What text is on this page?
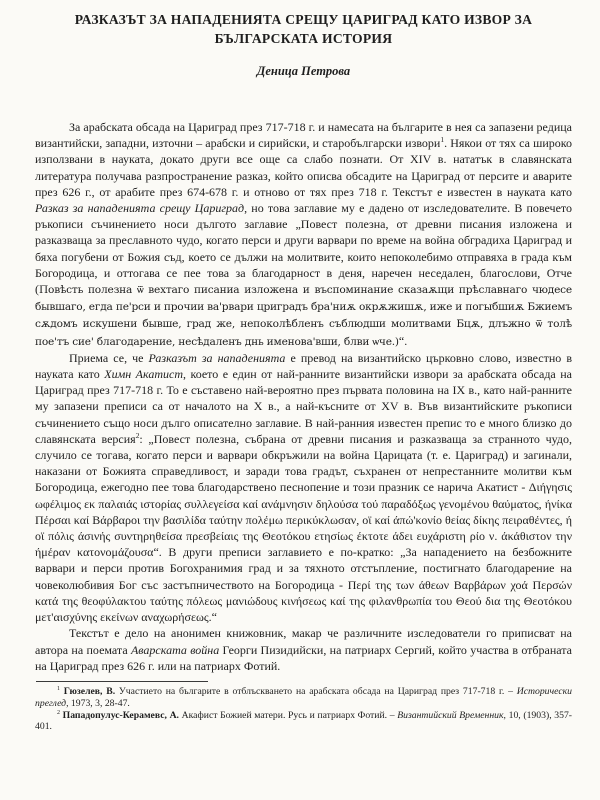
РАЗКАЗЪТ ЗА НАПАДЕНИЯТА СРЕЩУ ЦАРИГРАД КАТО ИЗВОР ЗА
БЪЛГАРСКАТА ИСТОРИЯ
Деница Петрова

За арабската обсада на Цариград през 717-718 г. и намесата на българите в нея са запазени редица византийски, западни, източни – арабски и сирийски, и старобългарски извори$^1$. Някои от тях са широко използвани в науката, докато други все още са слабо познати. От XIV в. нататък в славянската литература получава разпространение разказ, който описва обсадите на Цариград от персите и аварите през 626 г., от арабите през 674-678 г. и отново от тях през 718 г. Текстът е известен в науката като Разказ за нападенията срещу Цариград, но това заглавие му е дадено от изследователите. В повечето ръкописи съчинението носи дългото заглавие „Повест полезна, от древни писания изложена и разказваща за преславното чудо, когато перси и други варвари по време на война обградиха Цариград и бяха погубени от Божия съд, което се дължи на молитвите, които непоколебимо отправяха в града към Богородица, и оттогава се пее това за благодарност в деня, наречен неседален, благослови, Отче (Повѣсть полезна ѿ вехтаго писаниа изложена и въспоминание сказаѫщи прѣславнаго чюдесе бывшаго, егда пе'рси и прочии ва'рвари цриградъ бра'ниѫ окрѫжишѫ, иже и погыбшиѫ Бжиемъ сѫдомъ искушени бывше, град же, непоколѣбленъ съблюдши молитвами Бцѫ, длъжно ѿ толѣ пое'тъ сие' благодарение, несѣдаленъ днь именова'вши, блви ѡче.)“.

Приема се, че Разказът за нападенията е превод на византийско църковно слово, известно в науката като Химн Акатист, което е един от най-ранните византийски извори за арабската обсада на Цариград през 717-718 г. То е съставено най-вероятно през първата половина на IX в., като най-ранните му запазени преписи са от началото на X в., а най-късните от XV в. Във византийските ръкописи съчинението също носи дълго описателно заглавие. В най-ранния известен препис то е много близко до славянската версия$^2$: „Повест полезна, събрана от древни писания и разказваща за странното чудо, случило се тогава, когато перси и варвари обкръжили на война Царицата (т. е. Цариград) и загинали, наказани от Божията справедливост, и заради това градът, съхранен от непрестанните молитви към Богородица, ежегодно пее това благодарствено песнопение и този празник се нарича Акатист - Διήγησις ωφέλιμος εκ παλαιάς ιστορίας συλλεγείσα καί ανάμνησιν δηλούσα τού παραδόξως γενομένου θαύματος, ήνίκα Πέρσαι καί Βάρβαροι την βασιλίδα ταύτην πολέμω περικύκλωσαν, οϊ καί άπώ'κονίο θείας δίκης πειραθέντες, ή οϊ πόλις άσινής συντηρηθείσα πρεσβείαις της Θεοτόκου ετησίως έκτοτε άδει ευχάριστη ρίο ν. άκάθιστον την ήμέραν κατονομάζουσα“. В други преписи заглавието е по-кратко: „За нападението на безбожните варвари и перси против Богохранимия град и за тяхното отстъпление, постигнато благодарение на човеколюбивия Бог със застъпничеството на Богородица - Περί της των άθεων Βαρβάρων χοά Περσών κατά της θεοφύλακτου ταύτης πόλεως μανιώδους κινήσεως καί της φιλανθρωπία του Θεού δια της Θεοτόκου μετ'αισχύνης εκείνων αναχωρήσεως.“

Текстът е дело на анонимен книжовник, макар че различните изследователи го приписват на автора на поемата Аварската война Георги Пизидийски, на патриарх Сергий, който участва в отбраната на Цариград през 626 г. или на патриарх Фотий.

$^1$ Гюзелев, В. Участието на българите в отблъскването на арабската обсада на Цариград през 717-718 г. – Исторически преглед, 1973, 3, 28-47.

$^2$ Пападопулус-Керамевс, А. Акафист Божией матери. Русь и патриарх Фотий. – Византийский Временник, 10, (1903), 357-401.
